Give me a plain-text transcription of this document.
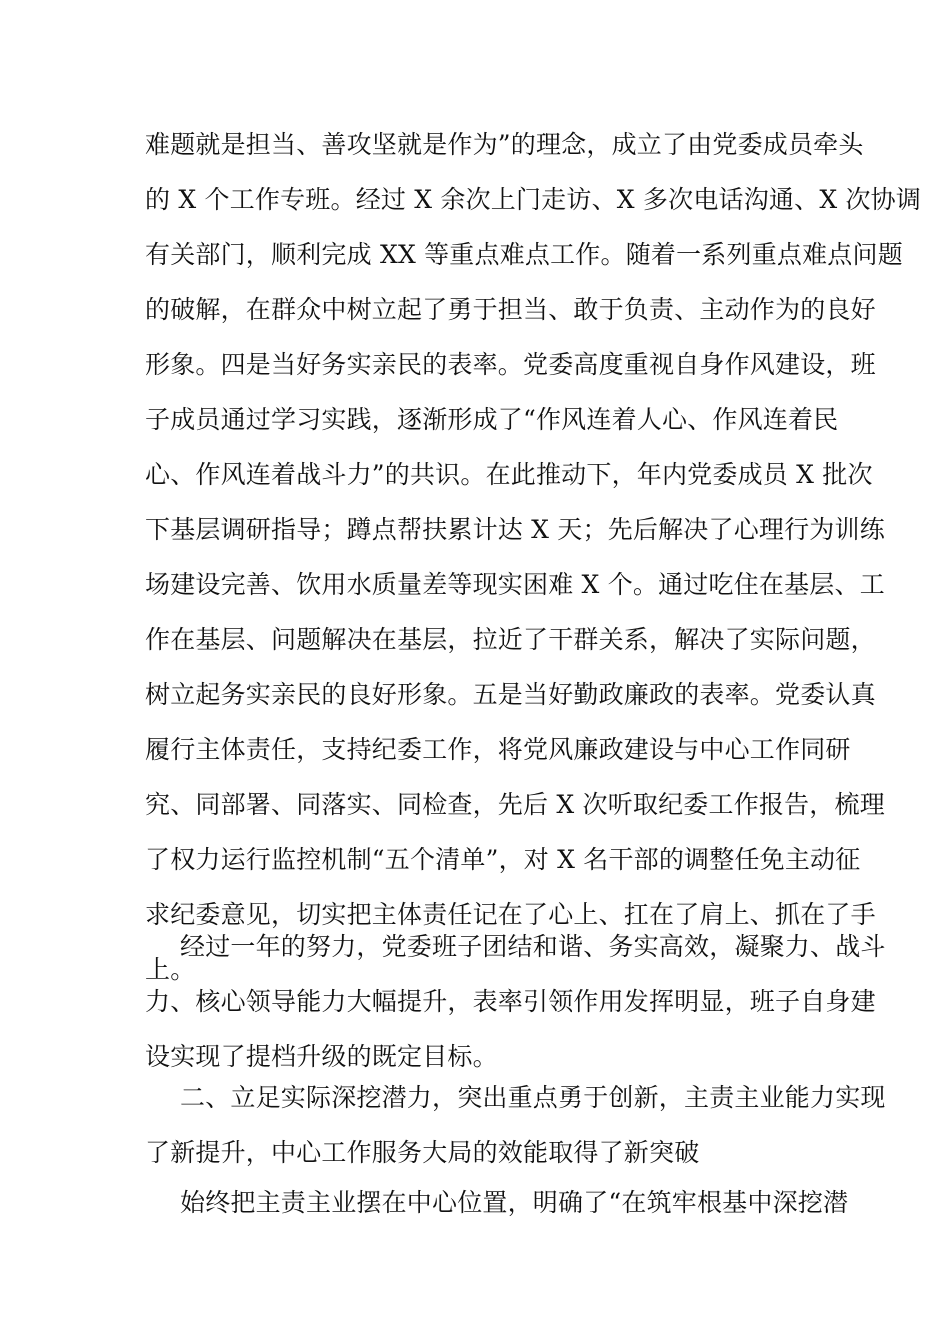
难题就是担当、善攻坚就是作为”的理念，成立了由党委成员牵头
的 X 个工作专班。经过 X 余次上门走访、X 多次电话沟通、X 次协调
有关部门，顺利完成 XX 等重点难点工作。随着一系列重点难点问题
的破解，在群众中树立起了勇于担当、敢于负责、主动作为的良好
形象。四是当好务实亲民的表率。党委高度重视自身作风建设，班
子成员通过学习实践，逐渐形成了“作风连着人心、作风连着民
心、作风连着战斗力”的共识。在此推动下，年内党委成员 X 批次
下基层调研指导；蹲点帮扶累计达 X 天；先后解决了心理行为训练
场建设完善、饮用水质量差等现实困难 X 个。通过吃住在基层、工
作在基层、问题解决在基层，拉近了干群关系，解决了实际问题，
树立起务实亲民的良好形象。五是当好勤政廉政的表率。党委认真
履行主体责任，支持纪委工作，将党风廉政建设与中心工作同研
究、同部署、同落实、同检查，先后 X 次听取纪委工作报告，梳理
了权力运行监控机制“五个清单”，对 X 名干部的调整任免主动征
求纪委意见，切实把主体责任记在了心上、扛在了肩上、抓在了手
上。
经过一年的努力，党委班子团结和谐、务实高效，凝聚力、战斗
力、核心领导能力大幅提升，表率引领作用发挥明显，班子自身建
设实现了提档升级的既定目标。
二、立足实际深挖潜力，突出重点勇于创新，主责主业能力实现
了新提升，中心工作服务大局的效能取得了新突破
始终把主责主业摆在中心位置，明确了“在筑牢根基中深挖潜
